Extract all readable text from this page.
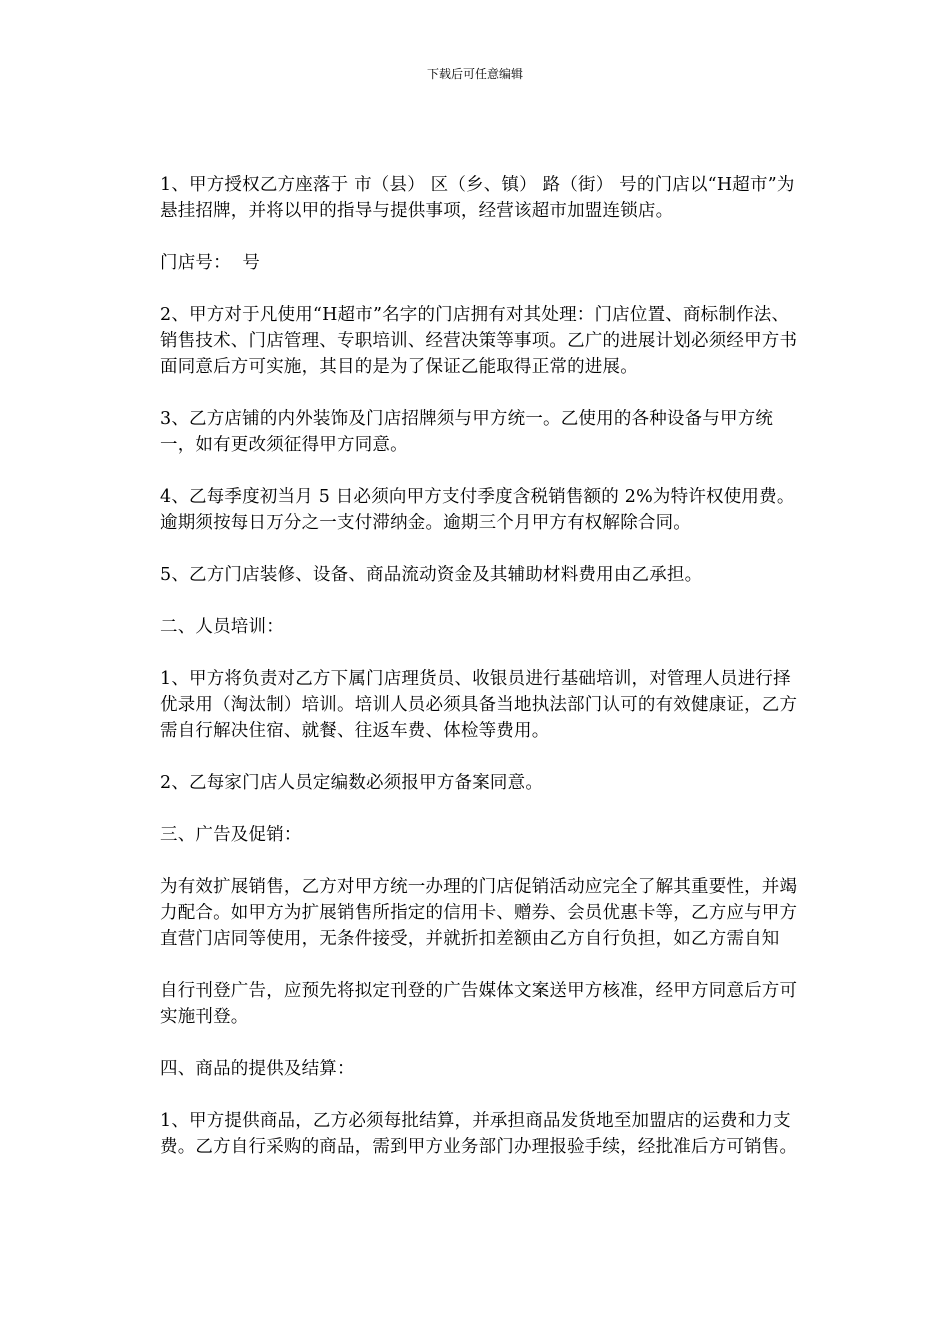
下载后可任意编辑

1、甲方授权乙方座落于 市（县） 区（乡、镇） 路（街） 号的门店以“H超市”为悬挂招牌，并将以甲的指导与提供事项，经营该超市加盟连锁店。

门店号：  号

2、甲方对于凡使用“H超市”名字的门店拥有对其处理：门店位置、商标制作法、销售技术、门店管理、专职培训、经营决策等事项。乙广的进展计划必须经甲方书面同意后方可实施，其目的是为了保证乙能取得正常的进展。

3、乙方店铺的内外装饰及门店招牌须与甲方统一。乙使用的各种设备与甲方统一，如有更改须征得甲方同意。

4、乙每季度初当月 5 日必须向甲方支付季度含税销售额的 2%为特许权使用费。逾期须按每日万分之一支付滞纳金。逾期三个月甲方有权解除合同。

5、乙方门店装修、设备、商品流动资金及其辅助材料费用由乙承担。

二、人员培训：

1、甲方将负责对乙方下属门店理货员、收银员进行基础培训，对管理人员进行择优录用（淘汰制）培训。培训人员必须具备当地执法部门认可的有效健康证，乙方需自行解决住宿、就餐、往返车费、体检等费用。

2、乙每家门店人员定编数必须报甲方备案同意。

三、广告及促销：

为有效扩展销售，乙方对甲方统一办理的门店促销活动应完全了解其重要性，并竭力配合。如甲方为扩展销售所指定的信用卡、赠券、会员优惠卡等，乙方应与甲方直营门店同等使用，无条件接受，并就折扣差额由乙方自行负担，如乙方需自知

自行刊登广告，应预先将拟定刊登的广告媒体文案送甲方核准，经甲方同意后方可实施刊登。

四、商品的提供及结算：

1、甲方提供商品，乙方必须每批结算，并承担商品发货地至加盟店的运费和力支费。乙方自行采购的商品，需到甲方业务部门办理报验手续，经批准后方可销售。
